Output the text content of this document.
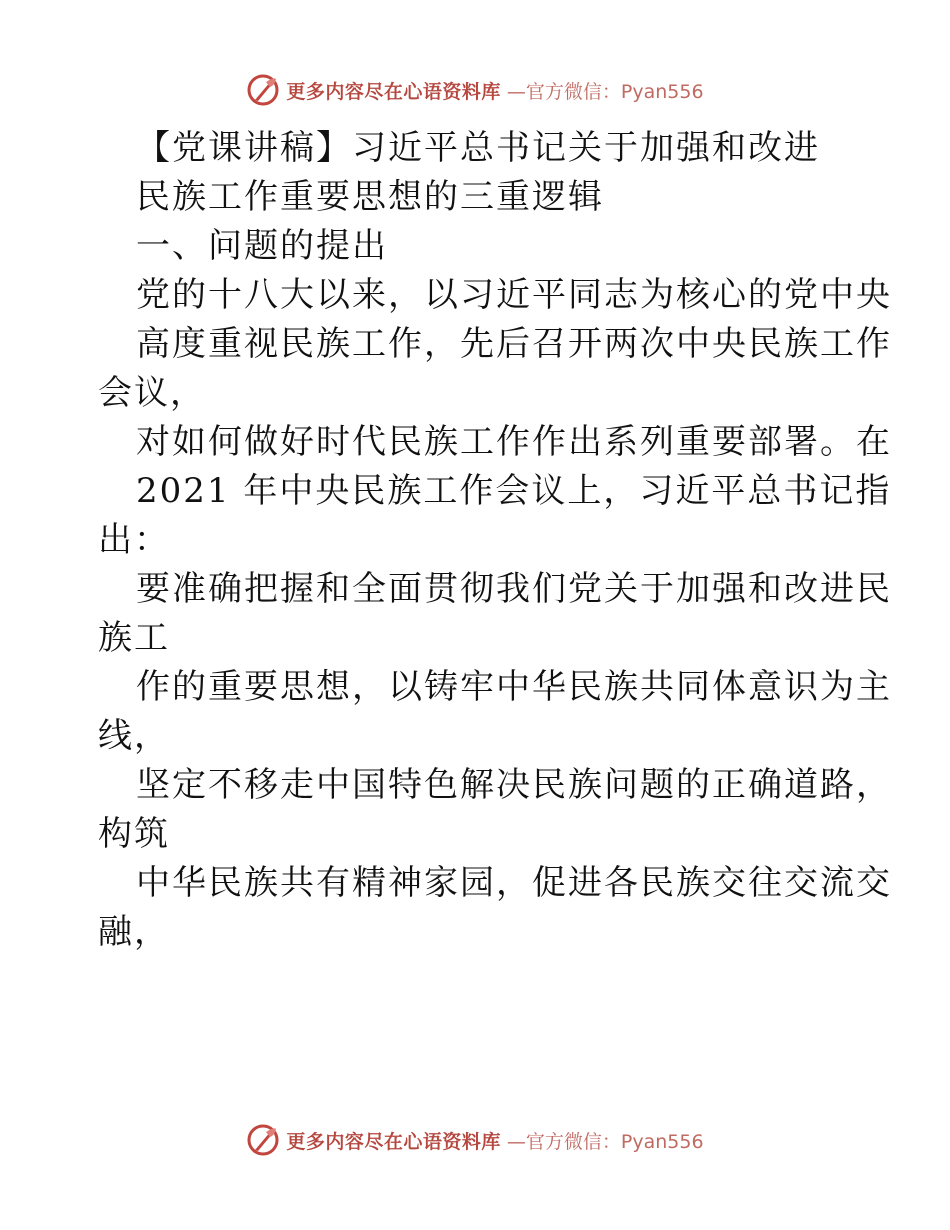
更多内容尽在心语资料库 —官方微信：Pyan556
【党课讲稿】习近平总书记关于加强和改进
民族工作重要思想的三重逻辑
一、问题的提出
党的十八大以来，以习近平同志为核心的党中央
高度重视民族工作，先后召开两次中央民族工作
会议，
对如何做好时代民族工作作出系列重要部署。在
2021 年中央民族工作会议上，习近平总书记指
出：
要准确把握和全面贯彻我们党关于加强和改进民
族工
作的重要思想，以铸牢中华民族共同体意识为主
线，
坚定不移走中国特色解决民族问题的正确道路，
构筑
中华民族共有精神家园，促进各民族交往交流交
融，
更多内容尽在心语资料库 —官方微信：Pyan556
